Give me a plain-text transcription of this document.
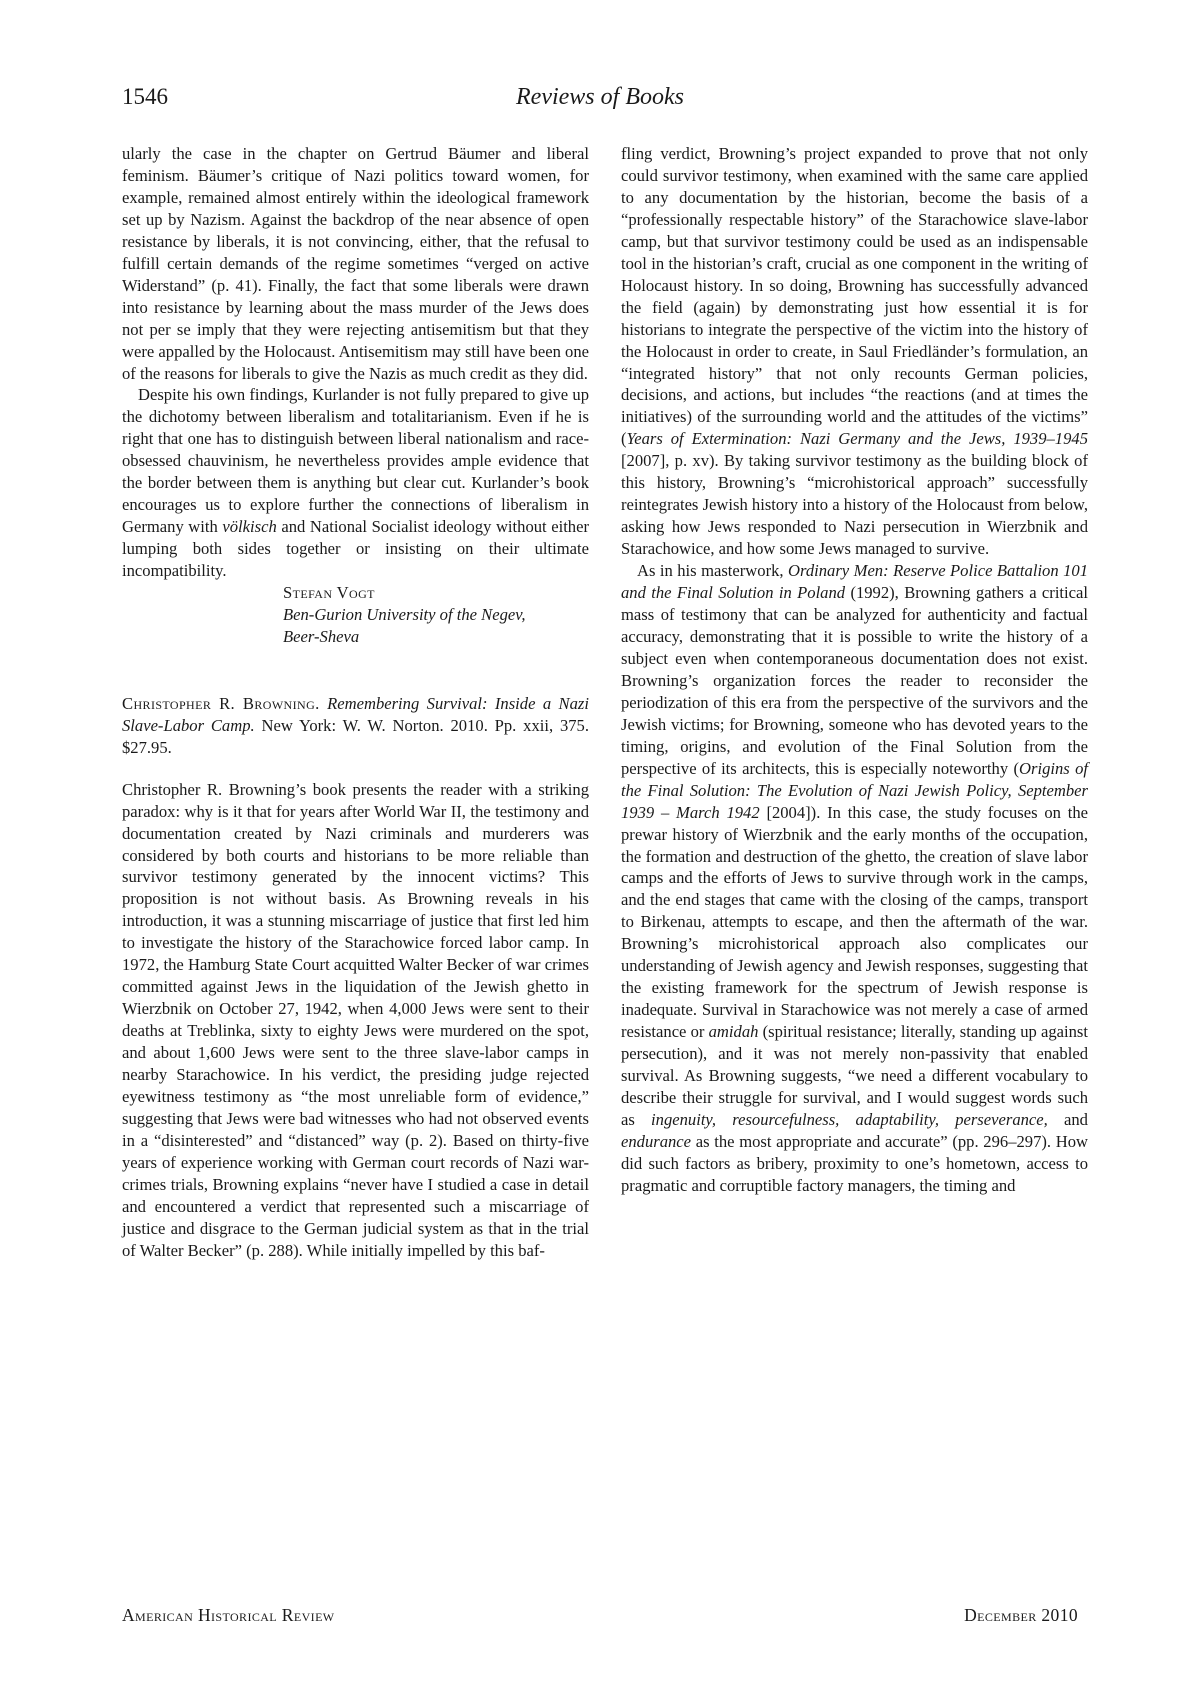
1546	Reviews of Books

ularly the case in the chapter on Gertrud Bäumer and liberal feminism. Bäumer’s critique of Nazi politics toward women, for example, remained almost entirely within the ideological framework set up by Nazism. Against the backdrop of the near absence of open resistance by liberals, it is not convincing, either, that the refusal to fulfill certain demands of the regime sometimes “verged on active Widerstand” (p. 41). Finally, the fact that some liberals were drawn into resistance by learning about the mass murder of the Jews does not per se imply that they were rejecting antisemitism but that they were appalled by the Holocaust. Antisemitism may still have been one of the reasons for liberals to give the Nazis as much credit as they did.

Despite his own findings, Kurlander is not fully prepared to give up the dichotomy between liberalism and totalitarianism. Even if he is right that one has to distinguish between liberal nationalism and race-obsessed chauvinism, he nevertheless provides ample evidence that the border between them is anything but clear cut. Kurlander’s book encourages us to explore further the connections of liberalism in Germany with völkisch and National Socialist ideology without either lumping both sides together or insisting on their ultimate incompatibility.

Stefan Vogt
Ben-Gurion University of the Negev,
Beer-Sheva

Christopher R. Browning. Remembering Survival: Inside a Nazi Slave-Labor Camp. New York: W. W. Norton. 2010. Pp. xxii, 375. $27.95.

Christopher R. Browning’s book presents the reader with a striking paradox: why is it that for years after World War II, the testimony and documentation created by Nazi criminals and murderers was considered by both courts and historians to be more reliable than survivor testimony generated by the innocent victims? This proposition is not without basis. As Browning reveals in his introduction, it was a stunning miscarriage of justice that first led him to investigate the history of the Starachowice forced labor camp. In 1972, the Hamburg State Court acquitted Walter Becker of war crimes committed against Jews in the liquidation of the Jewish ghetto in Wierzbnik on October 27, 1942, when 4,000 Jews were sent to their deaths at Treblinka, sixty to eighty Jews were murdered on the spot, and about 1,600 Jews were sent to the three slave-labor camps in nearby Starachowice. In his verdict, the presiding judge rejected eyewitness testimony as “the most unreliable form of evidence,” suggesting that Jews were bad witnesses who had not observed events in a “disinterested” and “distanced” way (p. 2). Based on thirty-five years of experience working with German court records of Nazi war-crimes trials, Browning explains “never have I studied a case in detail and encountered a verdict that represented such a miscarriage of justice and disgrace to the German judicial system as that in the trial of Walter Becker” (p. 288). While initially impelled by this baf-

fling verdict, Browning’s project expanded to prove that not only could survivor testimony, when examined with the same care applied to any documentation by the historian, become the basis of a “professionally respectable history” of the Starachowice slave-labor camp, but that survivor testimony could be used as an indispensable tool in the historian’s craft, crucial as one component in the writing of Holocaust history. In so doing, Browning has successfully advanced the field (again) by demonstrating just how essential it is for historians to integrate the perspective of the victim into the history of the Holocaust in order to create, in Saul Friedländer’s formulation, an “integrated history” that not only recounts German policies, decisions, and actions, but includes “the reactions (and at times the initiatives) of the surrounding world and the attitudes of the victims” (Years of Extermination: Nazi Germany and the Jews, 1939–1945 [2007], p. xv). By taking survivor testimony as the building block of this history, Browning’s “microhistorical approach” successfully reintegrates Jewish history into a history of the Holocaust from below, asking how Jews responded to Nazi persecution in Wierzbnik and Starachowice, and how some Jews managed to survive.

As in his masterwork, Ordinary Men: Reserve Police Battalion 101 and the Final Solution in Poland (1992), Browning gathers a critical mass of testimony that can be analyzed for authenticity and factual accuracy, demonstrating that it is possible to write the history of a subject even when contemporaneous documentation does not exist. Browning’s organization forces the reader to reconsider the periodization of this era from the perspective of the survivors and the Jewish victims; for Browning, someone who has devoted years to the timing, origins, and evolution of the Final Solution from the perspective of its architects, this is especially noteworthy (Origins of the Final Solution: The Evolution of Nazi Jewish Policy, September 1939 – March 1942 [2004]). In this case, the study focuses on the prewar history of Wierzbnik and the early months of the occupation, the formation and destruction of the ghetto, the creation of slave labor camps and the efforts of Jews to survive through work in the camps, and the end stages that came with the closing of the camps, transport to Birkenau, attempts to escape, and then the aftermath of the war. Browning’s microhistorical approach also complicates our understanding of Jewish agency and Jewish responses, suggesting that the existing framework for the spectrum of Jewish response is inadequate. Survival in Starachowice was not merely a case of armed resistance or amidah (spiritual resistance; literally, standing up against persecution), and it was not merely non-passivity that enabled survival. As Browning suggests, “we need a different vocabulary to describe their struggle for survival, and I would suggest words such as ingenuity, resourcefulness, adaptability, perseverance, and endurance as the most appropriate and accurate” (pp. 296–297). How did such factors as bribery, proximity to one’s hometown, access to pragmatic and corruptible factory managers, the timing and

American Historical Review	December 2010
